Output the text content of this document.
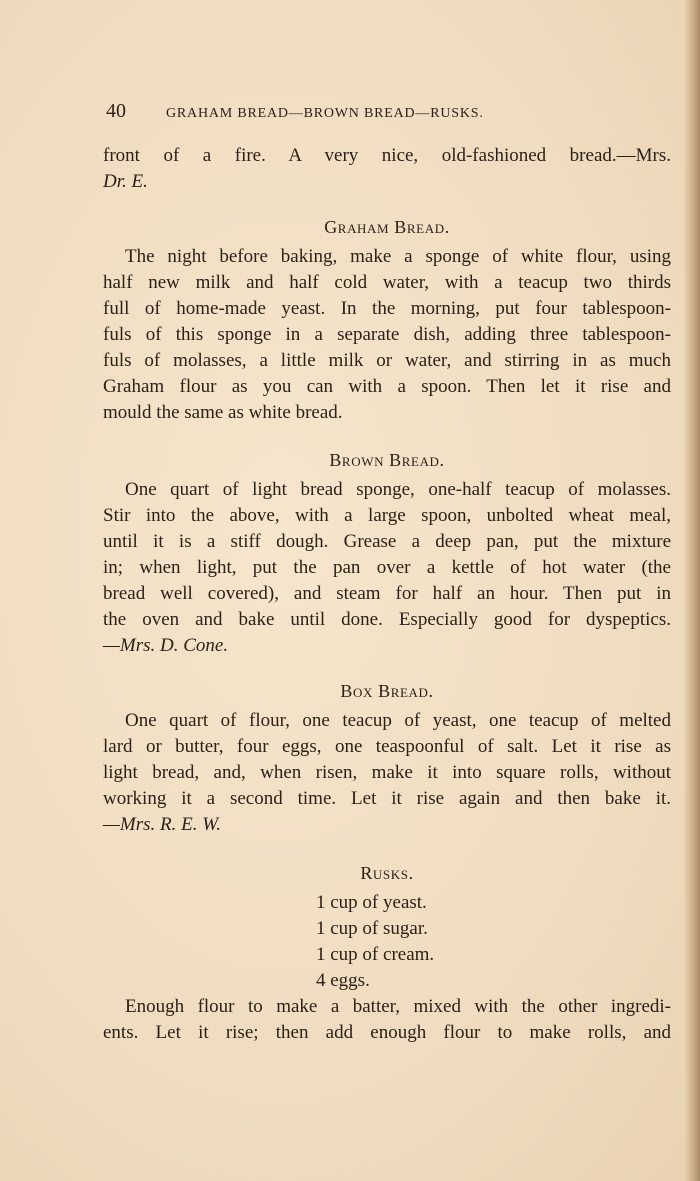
40	GRAHAM BREAD—BROWN BREAD—RUSKS.
front of a fire. A very nice, old-fashioned bread.—Mrs.
Dr. E.
Graham Bread.
The night before baking, make a sponge of white flour, using
half new milk and half cold water, with a teacup two thirds
full of home-made yeast. In the morning, put four tablespoon-
fuls of this sponge in a separate dish, adding three tablespoon-
fuls of molasses, a little milk or water, and stirring in as much
Graham flour as you can with a spoon. Then let it rise and
mould the same as white bread.
Brown Bread.
One quart of light bread sponge, one-half teacup of molasses.
Stir into the above, with a large spoon, unbolted wheat meal,
until it is a stiff dough. Grease a deep pan, put the mixture
in; when light, put the pan over a kettle of hot water (the
bread well covered), and steam for half an hour. Then put in
the oven and bake until done. Especially good for dyspeptics.
—Mrs. D. Cone.
Box Bread.
One quart of flour, one teacup of yeast, one teacup of melted
lard or butter, four eggs, one teaspoonful of salt. Let it rise as
light bread, and, when risen, make it into square rolls, without
working it a second time. Let it rise again and then bake it.
—Mrs. R. E. W.
Rusks.
1 cup of yeast.
1 cup of sugar.
1 cup of cream.
4 eggs.
Enough flour to make a batter, mixed with the other ingredi-
ents. Let it rise; then add enough flour to make rolls, and
